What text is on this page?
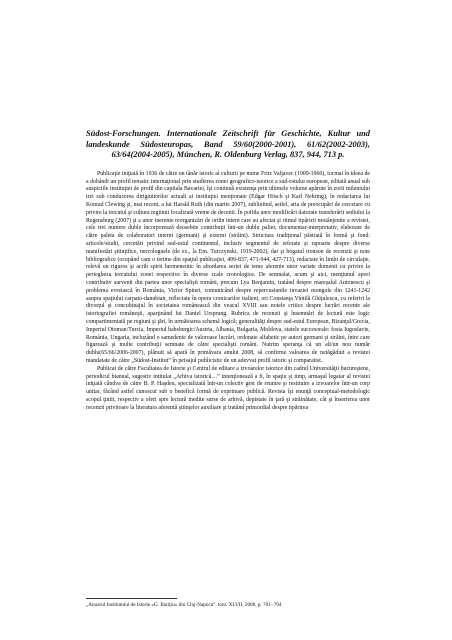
Südost-Forschungen. Internationale Zeitschrift für Geschichte, Kultur und landeskunde Südosteuropas, Band 59/60(2000-2001), 61/62(2002-2003), 63/64(2004-2005), München, R. Oldenburg Verlag, 837, 944, 713 p.

Publicaţie iniţiată în 1936 de către un tânăr istoric al culturii pe nume Fritz Valjavec (1909-1960), tocmai în ideea de a dobândi un profil tematic internaţional prin studierea zonei geografico-istorice a sud-estului european, editată anual sub auspiciile instituţiei de profil din capitala Bavariei, îşi continuă existenţa prin ultimele volume apărute în zorii mileniului trei sub conducerea dirigiuitorilor actuali ai instituţiei menţionate (Edgar Hösch şi Karl Nehring), în redactarea lui Konrad Clewing şi, mai recent, a lui Harald Roth (din martie 2007), subliniind, astfel, aria de preocupări de cercetare cu privire la trecutul şi cultura regiunii focalizată vreme de decenii. În pofida unor modificări datorate transferării sediului la Regensburg (2007) şi a unor inerente reorganizări de ordin intern care au afectat şi ritmul tipăririi nestânjenite a revistei, cele trei numere duble încorporează deosebite contribuţii într-un dublu palier, documentar-interpretativ, elaborate de către paleta de colaboratori interni (germani) şi externi (străini). Structura tradiţional păstrată în formă şi fond: articole/studii, cercetări privind sud-estul continentul, inclusiv segmentul de referate şi rapoarte despre diverse manifestări ştiinţifice, necrologuele (de ex., la Em. Turczynski, 1919-2002), dar şi bogatul tronson de recenzii şi note bibliografice (ocupând cam o treime din spaţiul publicaţiei, 499-837, 471-944, 427-713), redactate în limbi de circulaţie, relevă un riguros şi acrib spirit hermeneutic în abordarea seriei de teme aferente unor variate domenii cu privire la periegheza trecutului zonei respective în diverse scale cronologice. De semnalat, acum şi aici, menţiunul apori contributiv survenit din partea unor specialişti români, precum Lya Benjamin, tratând despre mareşalul Antonescu şi problema evreiască în România, Victor Spinei, comunicând despre repercusiunile invaziei mongole din 1241-1242 asupra spaţiului carpato-danubian, reflectate în opera cronicarilor italieni, ori Constanţa Vintilă Ghiţulescu, cu referiri la divorţul şi concubinajul în societatea românească din veacul XVIII sau notele critice despre lucrări recente ale istoriografiei româneşti, aparţinând lui Daniel Ursprung. Rubrica de recenzii şi însemnări de lectură este logic compartimentată pe regiuni şi ţări, în următoarea schemă logică; generalităţi despre sud-estul European, Bizanţul/Grecia, Imperiul Otoman/Turcia, Imperiul habsburgic/Austria, Albania, Bulgaria, Moldova, statele succesorale: fosta Iugoslavie, România, Ungaria, incluzând o samedenie de valoroase lucrări, ordonate alfabetic pe autori germani şi străini, între care figurează şi multe contribuţii semnate de către specialişti români. Nutrim speranţa că un alt/un nou număr dublu(65/66/2006-2007), plănuit să apară în primăvara anului 2008, să confirme valoarea de netăgăduit a revistei mandatate de către „Südost-Institut” în peisajul publicistic de un adevvat profil istoric şi comparatist.

Publicat de către Facultatea de Istorie şi Centrul de editare a izvoarelor istorice din cadrul Universităţii bucureştene, periodicul bianual, sugestiv intitulat „Arhiva istorică…” intenţionează a fi, în spaţiu şi timp, armaşul legatar al revistei iniţiată cândva de către B. P. Haşdeu, specializată într-un colectiv gest de reunire şi restituire a izvoarelor într-un corp unitar, făcând astfel cunoscut sub o benefică formă de exprimare publică. Revista îşi enunţă conceptual-metodologic scopul ţintit, respectiv a oferi spre lectură inedite surse de arhivă, depistate în ţară şi străinătate, cât şi înserierea unor recenzii privitoare la literatura aferentă ştiinţelor auxiliare şi tratând primordial despre tipărirea

„Anuarul Institutului de Istorie «G. Bariţiu» din Cluj-Napoca”, tom. XLVII, 2008, p. 701−704
